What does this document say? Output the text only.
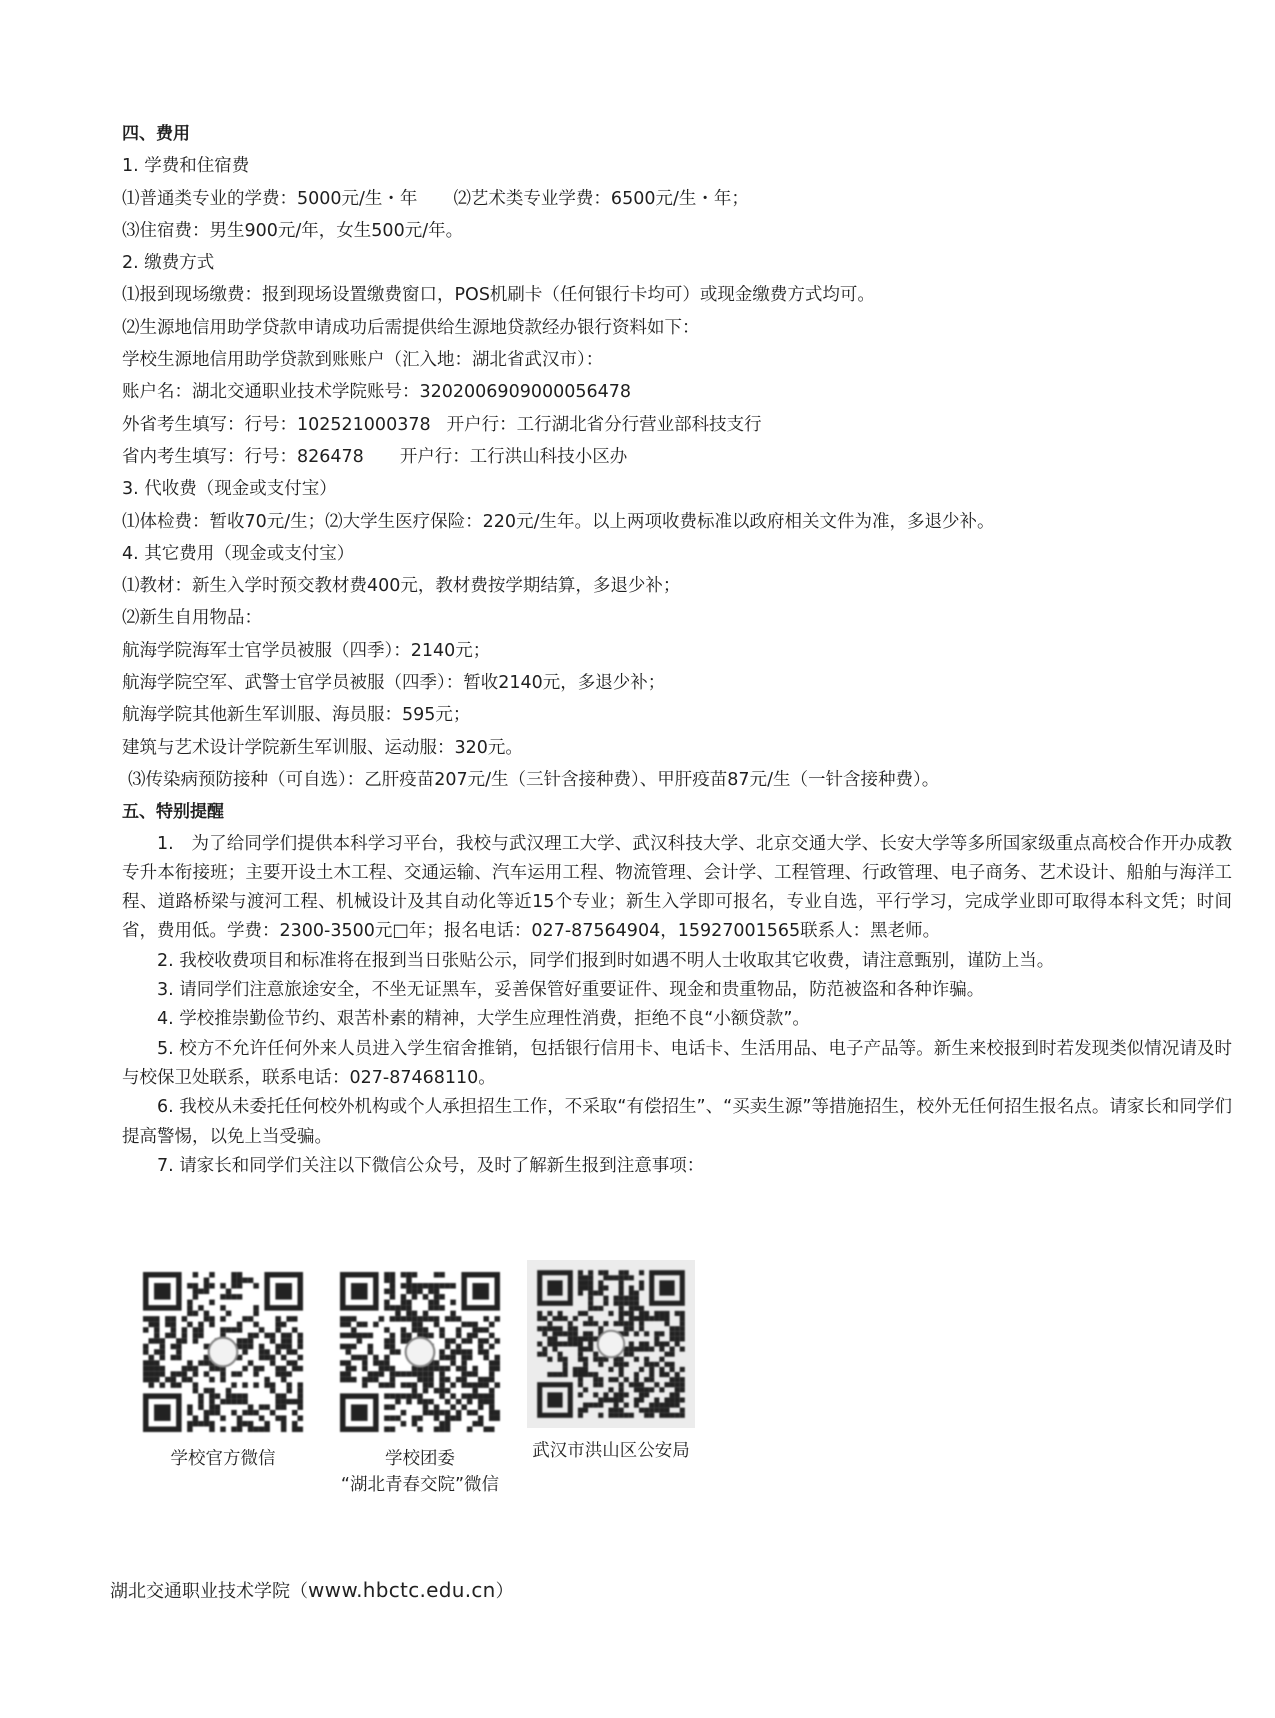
四、费用
1. 学费和住宿费
⑴普通类专业的学费：5000元/生・年 ⑵艺术类专业学费：6500元/生・年；
⑶住宿费：男生900元/年，女生500元/年。
2. 缴费方式
⑴报到现场缴费：报到现场设置缴费窗口，POS机刷卡（任何银行卡均可）或现金缴费方式均可。
⑵生源地信用助学贷款申请成功后需提供给生源地贷款经办银行资料如下：
学校生源地信用助学贷款到账账户（汇入地：湖北省武汉市）：
账户名：湖北交通职业技术学院账号：3202006909000056478
外省考生填写：行号：102521000378 开户行：工行湖北省分行营业部科技支行
省内考生填写：行号：826478 开户行：工行洪山科技小区办
3. 代收费（现金或支付宝）
⑴体检费：暂收70元/生；⑵大学生医疗保险：220元/生年。以上两项收费标准以政府相关文件为准，多退少补。
4. 其它费用（现金或支付宝）
⑴教材：新生入学时预交教材费400元，教材费按学期结算，多退少补；
⑵新生自用物品：
航海学院海军士官学员被服（四季）：2140元；
航海学院空军、武警士官学员被服（四季）：暂收2140元，多退少补；
航海学院其他新生军训服、海员服：595元；
建筑与艺术设计学院新生军训服、运动服：320元。
⑶传染病预防接种（可自选）：乙肝疫苗207元/生（三针含接种费）、甲肝疫苗87元/生（一针含接种费）。
五、特别提醒
1.　为了给同学们提供本科学习平台，我校与武汉理工大学、武汉科技大学、北京交通大学、长安大学等多所国家级重点高校合作开办成教专升本衔接班；主要开设土木工程、交通运输、汽车运用工程、物流管理、会计学、工程管理、行政管理、电子商务、艺术设计、船舶与海洋工程、道路桥梁与渡河工程、机械设计及其自动化等近15个专业；新生入学即可报名，专业自选，平行学习，完成学业即可取得本科文凭；时间省，费用低。学费：2300-3500元□年；报名电话：027-87564904，15927001565联系人：黑老师。
2. 我校收费项目和标准将在报到当日张贴公示，同学们报到时如遇不明人士收取其它收费，请注意甄别，谨防上当。
3. 请同学们注意旅途安全，不坐无证黑车，妥善保管好重要证件、现金和贵重物品，防范被盗和各种诈骗。
4. 学校推崇勤俭节约、艰苦朴素的精神，大学生应理性消费，拒绝不良“小额贷款”。
5. 校方不允许任何外来人员进入学生宿舍推销，包括银行信用卡、电话卡、生活用品、电子产品等。新生来校报到时若发现类似情况请及时与校保卫处联系，联系电话：027-87468110。
6. 我校从未委托任何校外机构或个人承担招生工作，不采取“有偿招生”、“买卖生源”等措施招生，校外无任何招生报名点。请家长和同学们提高警惕，以免上当受骗。
7. 请家长和同学们关注以下微信公众号，及时了解新生报到注意事项：
学校官方微信	学校团委
“湖北青春交院”微信
武汉市洪山区公安局
湖北交通职业技术学院（www.hbctc.edu.cn）
